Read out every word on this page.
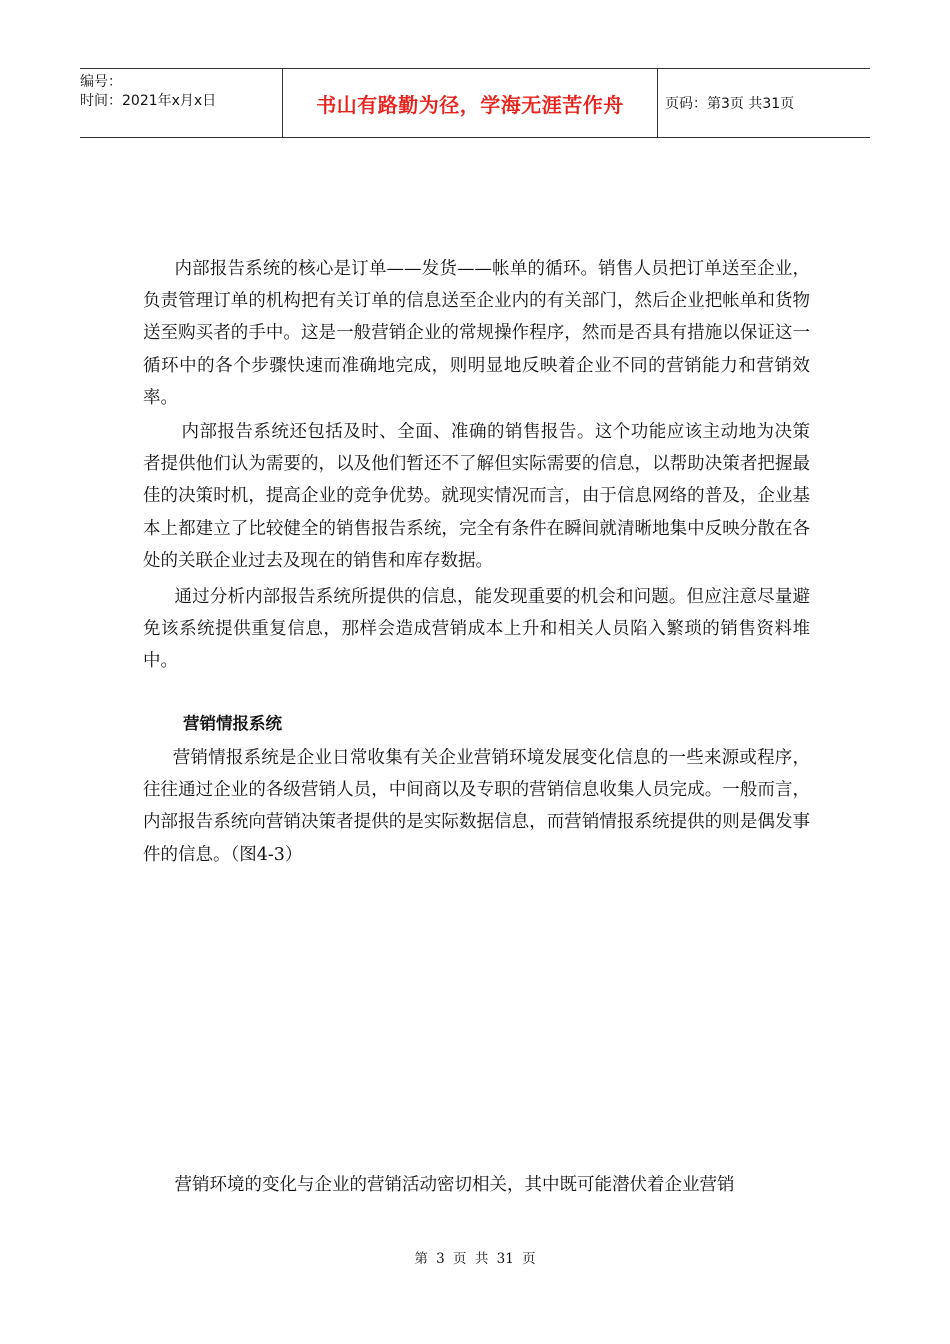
编号：
时间：2021年x月x日	书山有路勤为径，学海无涯苦作舟	页码：第3页 共31页

内部报告系统的核心是订单——发货——帐单的循环。销售人员把订单送至企业，负责管理订单的机构把有关订单的信息送至企业内的有关部门，然后企业把帐单和货物送至购买者的手中。这是一般营销企业的常规操作程序，然而是否具有措施以保证这一循环中的各个步骤快速而准确地完成，则明显地反映着企业不同的营销能力和营销效率。

内部报告系统还包括及时、全面、准确的销售报告。这个功能应该主动地为决策者提供他们认为需要的，以及他们暂还不了解但实际需要的信息，以帮助决策者把握最佳的决策时机，提高企业的竞争优势。就现实情况而言，由于信息网络的普及，企业基本上都建立了比较健全的销售报告系统，完全有条件在瞬间就清晰地集中反映分散在各处的关联企业过去及现在的销售和库存数据。

通过分析内部报告系统所提供的信息，能发现重要的机会和问题。但应注意尽量避免该系统提供重复信息，那样会造成营销成本上升和相关人员陷入繁琐的销售资料堆中。

营销情报系统

营销情报系统是企业日常收集有关企业营销环境发展变化信息的一些来源或程序，往往通过企业的各级营销人员，中间商以及专职的营销信息收集人员完成。一般而言，内部报告系统向营销决策者提供的是实际数据信息，而营销情报系统提供的则是偶发事件的信息。（图4-3）

营销环境的变化与企业的营销活动密切相关，其中既可能潜伏着企业营销

第 3 页 共 31 页
